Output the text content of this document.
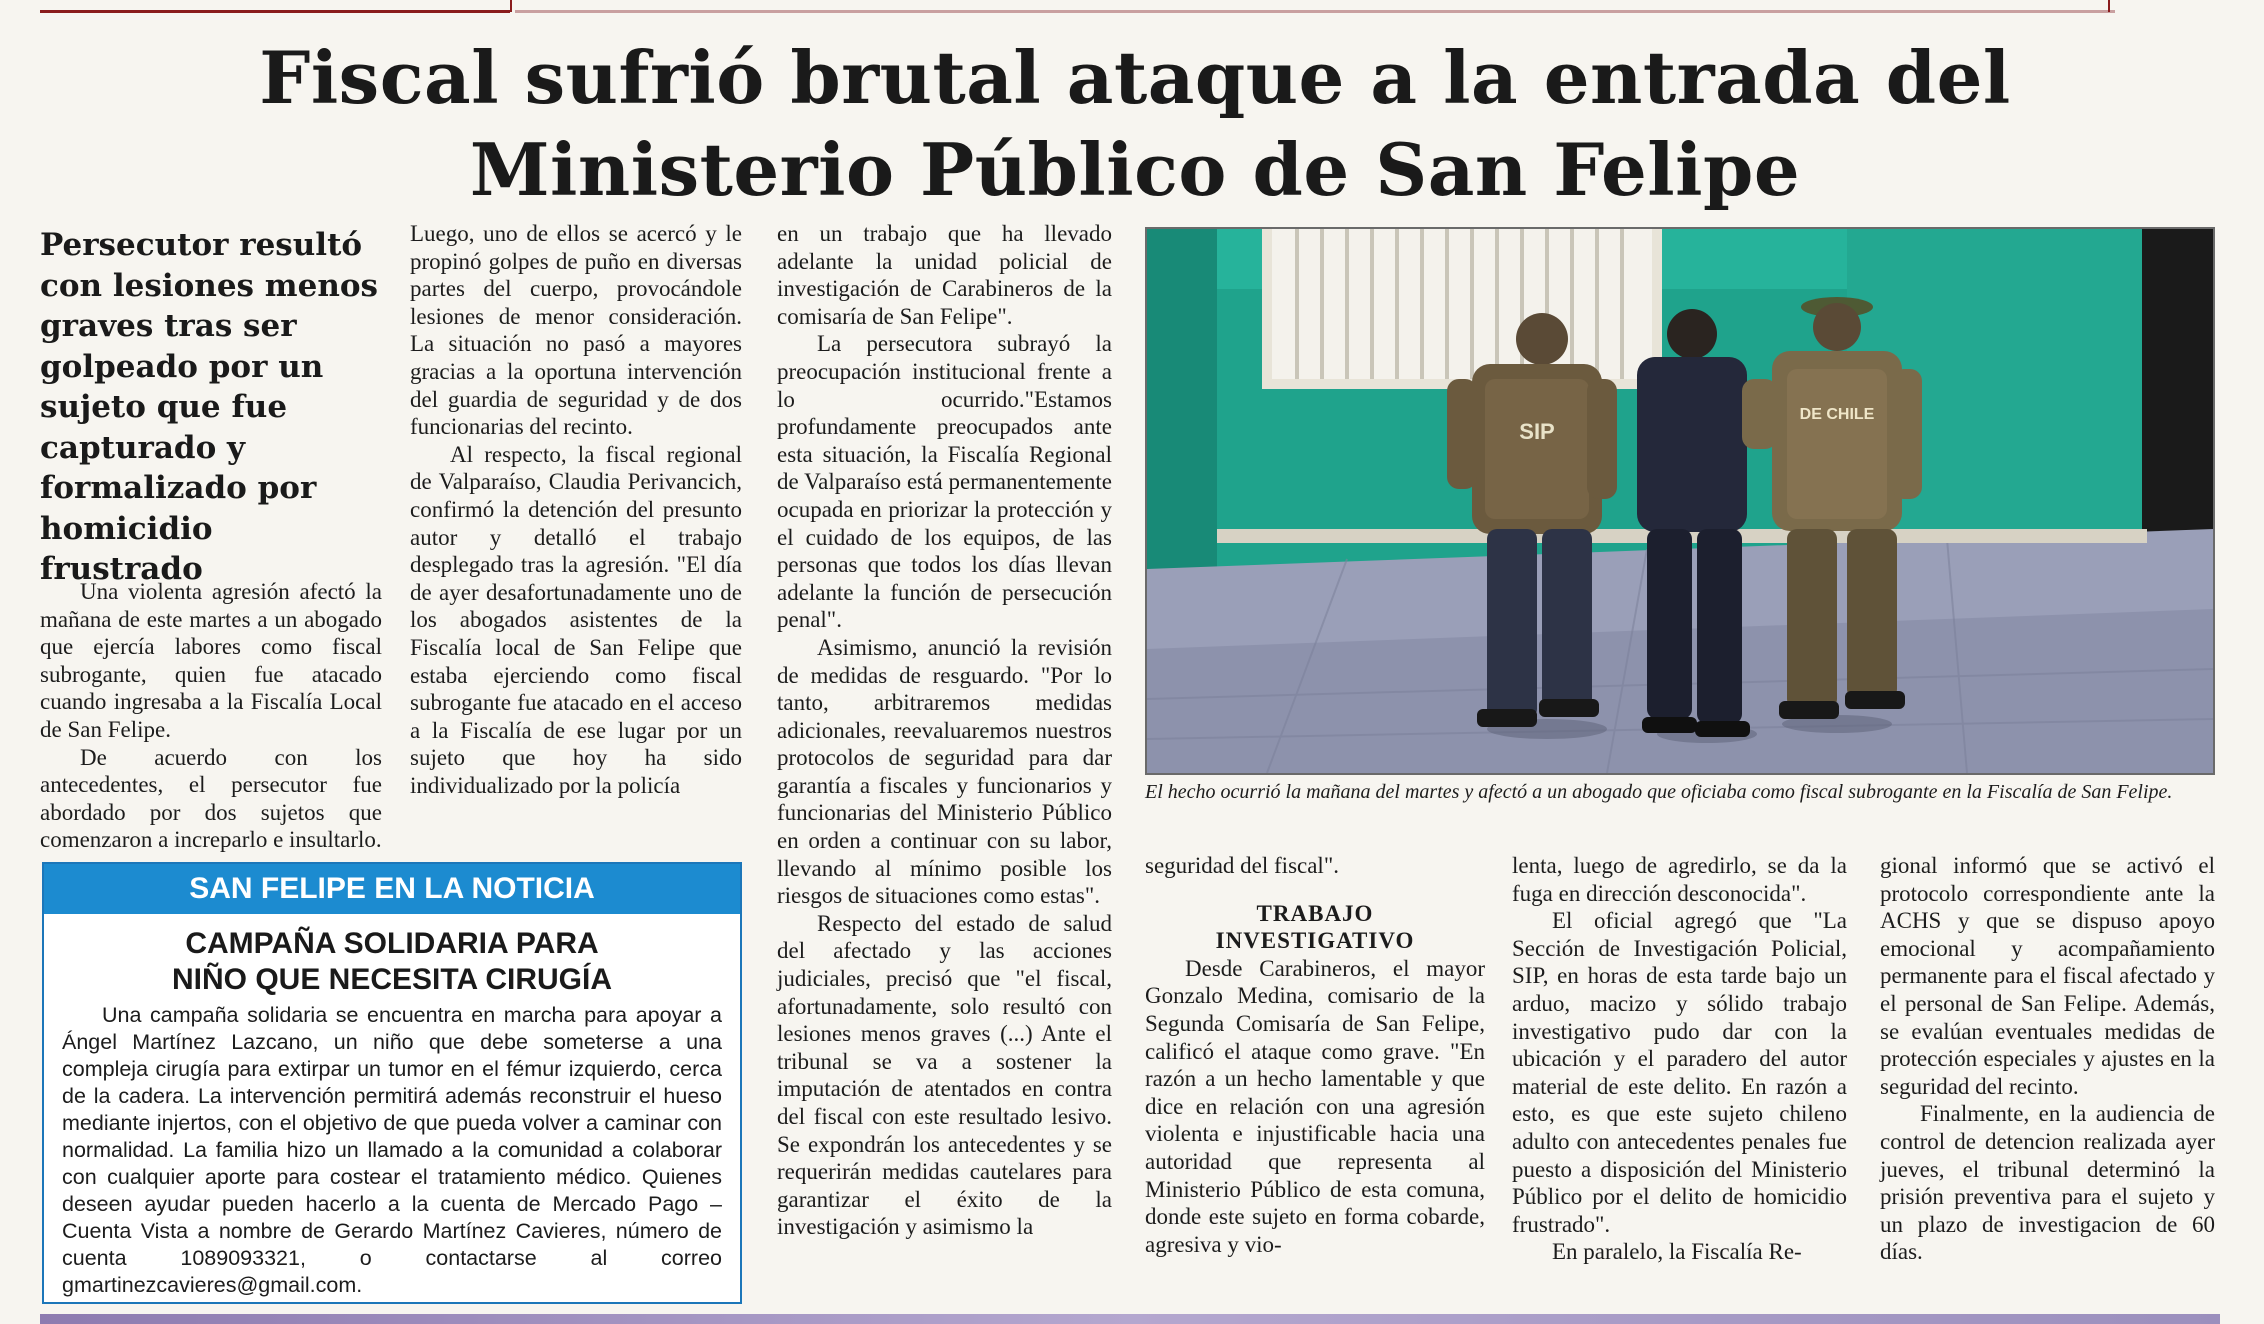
Fiscal sufrió brutal ataque a la entrada del
Ministerio Público de San Felipe
Persecutor resultó con lesiones menos graves tras ser golpeado por un sujeto que fue capturado y formalizado por homicidio frustrado

Una violenta agresión afectó la mañana de este martes a un abogado que ejercía labores como fiscal subrogante, quien fue atacado cuando ingresaba a la Fiscalía Local de San Felipe.

De acuerdo con los antecedentes, el persecutor fue abordado por dos sujetos que comenzaron a increparlo e insultarlo.

Luego, uno de ellos se acercó y le propinó golpes de puño en diversas partes del cuerpo, provocándole lesiones de menor consideración. La situación no pasó a mayores gracias a la oportuna intervención del guardia de seguridad y de dos funcionarias del recinto.

Al respecto, la fiscal regional de Valparaíso, Claudia Perivancich, confirmó la detención del presunto autor y detalló el trabajo desplegado tras la agresión. "El día de ayer desafortunadamente uno de los abogados asistentes de la Fiscalía local de San Felipe que estaba ejerciendo como fiscal subrogante fue atacado en el acceso a la Fiscalía de ese lugar por un sujeto que hoy ha sido individualizado por la policía

en un trabajo que ha llevado adelante la unidad policial de investigación de Carabineros de la comisaría de San Felipe".

La persecutora subrayó la preocupación institucional frente a lo ocurrido."Estamos profundamente preocupados ante esta situación, la Fiscalía Regional de Valparaíso está permanentemente ocupada en priorizar la protección y el cuidado de los equipos, de las personas que todos los días llevan adelante la función de persecución penal".

Asimismo, anunció la revisión de medidas de resguardo. "Por lo tanto, arbitraremos medidas adicionales, reevaluaremos nuestros protocolos de seguridad para dar garantía a fiscales y funcionarios y funcionarias del Ministerio Público en orden a continuar con su labor, llevando al mínimo posible los riesgos de situaciones como estas".

Respecto del estado de salud del afectado y las acciones judiciales, precisó que "el fiscal, afortunadamente, solo resultó con lesiones menos graves (...) Ante el tribunal se va a sostener la imputación de atentados en contra del fiscal con este resultado lesivo. Se expondrán los antecedentes y se requerirán medidas cautelares para garantizar el éxito de la investigación y asimismo la

SIP
DE CHILE
El hecho ocurrió la mañana del martes y afectó a un abogado que oficiaba como fiscal subrogante en la Fiscalía de San Felipe.

seguridad del fiscal".

TRABAJO
INVESTIGATIVO

Desde Carabineros, el mayor Gonzalo Medina, comisario de la Segunda Comisaría de San Felipe, calificó el ataque como grave. "En razón a un hecho lamentable y que dice en relación con una agresión violenta e injustificable hacia una autoridad que representa al Ministerio Público de esta comuna, donde este sujeto en forma cobarde, agresiva y vio-

lenta, luego de agredirlo, se da la fuga en dirección desconocida".

El oficial agregó que "La Sección de Investigación Policial, SIP, en horas de esta tarde bajo un arduo, macizo y sólido trabajo investigativo pudo dar con la ubicación y el paradero del autor material de este delito. En razón a esto, es que este sujeto chileno adulto con antecedentes penales fue puesto a disposición del Ministerio Público por el delito de homicidio frustrado".

En paralelo, la Fiscalía Re-

gional informó que se activó el protocolo correspondiente ante la ACHS y que se dispuso apoyo emocional y acompañamiento permanente para el fiscal afectado y el personal de San Felipe. Además, se evalúan eventuales medidas de protección especiales y ajustes en la seguridad del recinto.

Finalmente, en la audiencia de control de detencion realizada ayer jueves, el tribunal determinó la prisión preventiva para el sujeto y un plazo de investigacion de 60 días.

SAN FELIPE EN LA NOTICIA
CAMPAÑA SOLIDARIA PARA
NIÑO QUE NECESITA CIRUGÍA

Una campaña solidaria se encuentra en marcha para apoyar a Ángel Martínez Lazcano, un niño que debe someterse a una compleja cirugía para extirpar un tumor en el fémur izquierdo, cerca de la cadera. La intervención permitirá además reconstruir el hueso mediante injertos, con el objetivo de que pueda volver a caminar con normalidad. La familia hizo un llamado a la comunidad a colaborar con cualquier aporte para costear el tratamiento médico. Quienes deseen ayudar pueden hacerlo a la cuenta de Mercado Pago – Cuenta Vista a nombre de Gerardo Martínez Cavieres, número de cuenta 1089093321, o contactarse al correo gmartinezcavieres@gmail.com.
